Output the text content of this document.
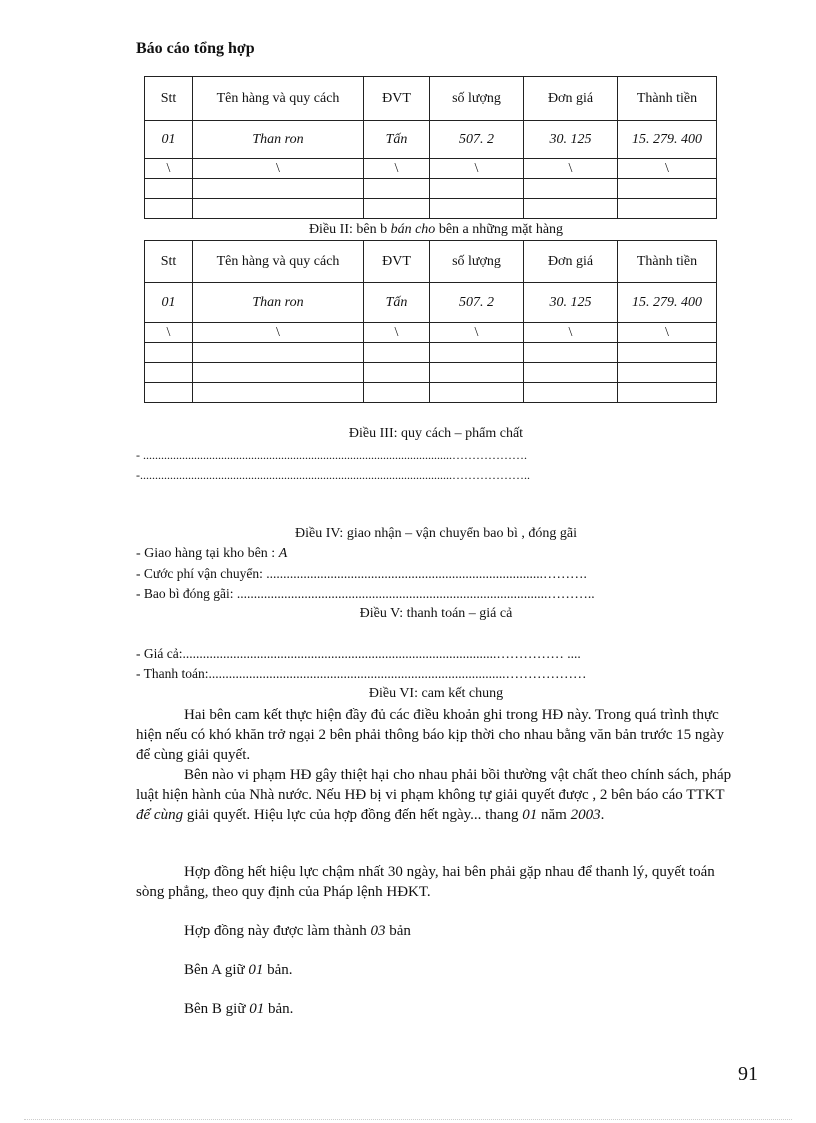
Báo cáo tổng hợp
Stt	Tên hàng và quy cách	ĐVT	số lượng	Đơn giá	Thành tiền
01	Than ron	Tấn	507. 2	30. 125	15. 279. 400
\	\	\	\	\	\

Điều II: bên b bán cho bên a những mặt hàng
Stt	Tên hàng và quy cách	ĐVT	số lượng	Đơn giá	Thành tiền
01	Than ron	Tấn	507. 2	30. 125	15. 279. 400
\	\	\	\	\	\

Điều III: quy cách – phẩm chất
- .......................................................................................................……………….
-........................................................................................................………………..
Điều IV: giao nhận – vận chuyển bao bì , đóng gãi
- Giao hàng tại kho bên : A
- Cước phí vận chuyển: ..................................................................................……….
- Bao bì đóng gãi: ............................................................................................………..
Điều V: thanh toán – giá cả
- Giá cả:.............................................................................................…………… ....
- Thanh toán:........................................................................................………………
Điều VI: cam kết chung
Hai bên cam kết thực hiện đầy đủ các điều khoản ghi trong HĐ này. Trong quá trình thực hiện nếu có khó khăn trở ngại 2 bên phải thông báo kịp thời cho nhau bằng văn bản trước 15 ngày để cùng giải quyết.
Bên nào vi phạm HĐ gây thiệt hại cho nhau phải bồi thường vật chất theo chính sách, pháp luật hiện hành của Nhà nước. Nếu HĐ bị vi phạm không tự giải quyết được , 2 bên báo cáo TTKT để cùng giải quyết. Hiệu lực của hợp đồng đến hết ngày... thang 01 năm 2003.
Hợp đồng hết hiệu lực chậm nhất 30 ngày, hai bên phải gặp nhau để thanh lý, quyết toán sòng phẳng, theo quy định của Pháp lệnh HĐKT.
Hợp đồng này được làm thành 03 bản
Bên A giữ 01 bản.
Bên B giữ 01 bản.
91
